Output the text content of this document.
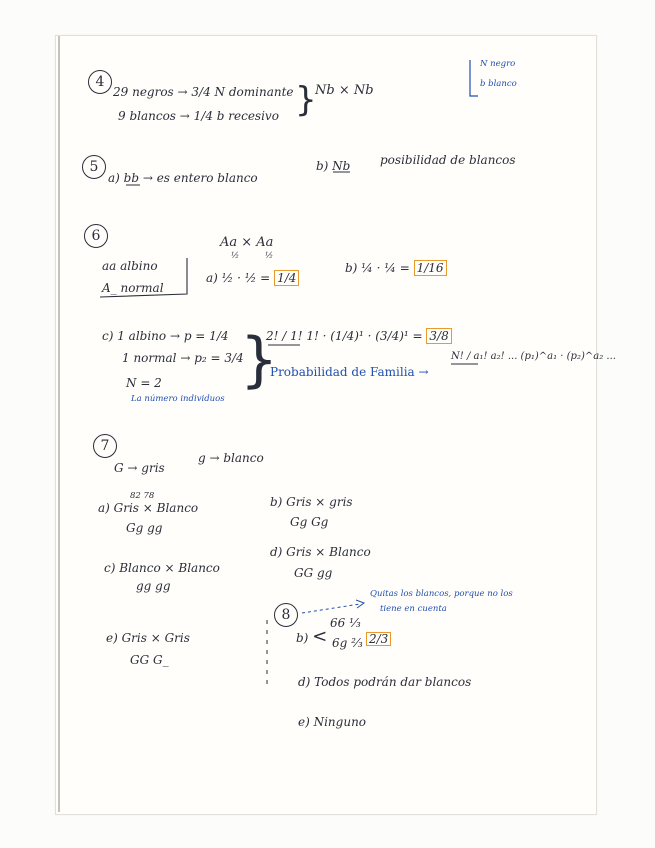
4
29 negros → 3/4 N dominante
9 blancos → 1/4 b recesivo }
Nb × Nb
N negro
b blanco
5
a) bb → es entero blanco
b) Nb posibilidad de blancos
6	Aa × Aa
½	½
aa albino
A_ normal
a) ½ · ½ = 1/4
b) ¼ · ¼ = 1/16
c) 1 albino → p = 1/4
1 normal → p₂ = 3/4
N = 2
La número individuos
}
2! / 1! 1! · (1/4)¹ · (3/4)¹ = 3/8
Probabilidad de Familia →
N! / a₁! a₂! ... (p₁)^a₁ · (p₂)^a₂ ...
7
G → gris
g → blanco
82 78
a) Gris × Blanco
Gg gg
b) Gris × gris
Gg Gg
c) Blanco × Blanco
gg gg
d) Gris × Blanco
GG gg
e) Gris × Gris
GG G_
8
Quitas los blancos, porque no los
tiene en cuenta
b) <
66 ⅓
6g ⅔ 2/3
d) Todos podrán dar blancos
e) Ninguno
